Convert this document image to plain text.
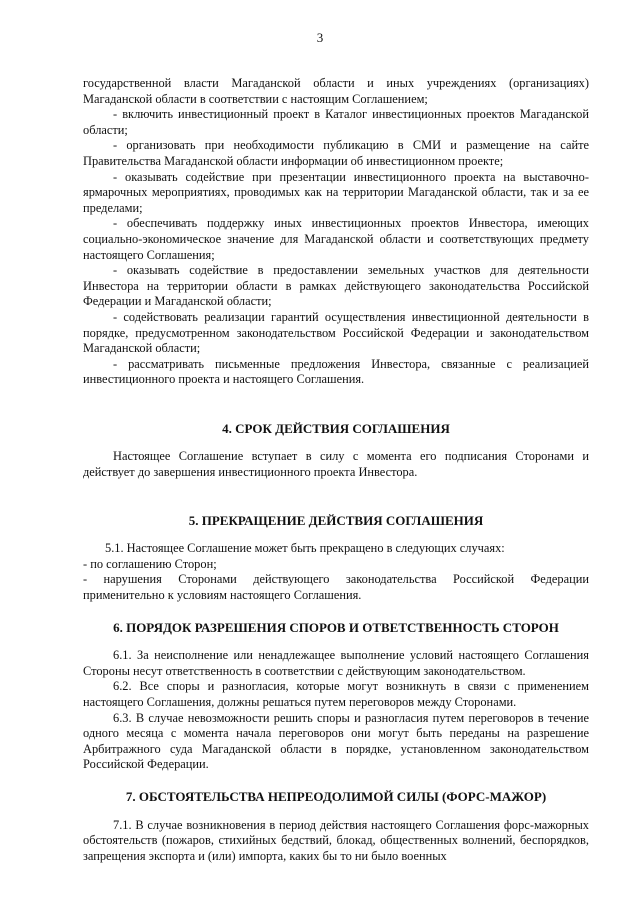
3

государственной власти Магаданской области и иных учреждениях (организациях) Магаданской области в соответствии с настоящим Соглашением;

- включить инвестиционный проект в Каталог инвестиционных проектов Магаданской области;

- организовать при необходимости публикацию в СМИ и размещение на сайте Правительства Магаданской области информации об инвестиционном проекте;

- оказывать содействие при презентации инвестиционного проекта на выставочно-ярмарочных мероприятиях, проводимых как на территории Магаданской области, так и за ее пределами;

- обеспечивать поддержку иных инвестиционных проектов Инвестора, имеющих социально-экономическое значение для Магаданской области и соответствующих предмету настоящего Соглашения;

- оказывать содействие в предоставлении земельных участков для деятельности Инвестора на территории области в рамках действующего законодательства Российской Федерации и Магаданской области;

- содействовать реализации гарантий осуществления инвестиционной деятельности в порядке, предусмотренном законодательством Российской Федерации и законодательством Магаданской области;

- рассматривать письменные предложения Инвестора, связанные с реализацией инвестиционного проекта и настоящего Соглашения.

4. СРОК ДЕЙСТВИЯ СОГЛАШЕНИЯ

Настоящее Соглашение вступает в силу с момента его подписания Сторонами и действует до завершения инвестиционного проекта Инвестора.

5. ПРЕКРАЩЕНИЕ ДЕЙСТВИЯ СОГЛАШЕНИЯ

5.1. Настоящее Соглашение может быть прекращено в следующих случаях:

- по соглашению Сторон;

- нарушения Сторонами действующего законодательства Российской Федерации применительно к условиям настоящего Соглашения.

6. ПОРЯДОК РАЗРЕШЕНИЯ СПОРОВ И ОТВЕТСТВЕННОСТЬ СТОРОН

6.1. За неисполнение или ненадлежащее выполнение условий настоящего Соглашения Стороны несут ответственность в соответствии с действующим законодательством.

6.2. Все споры и разногласия, которые могут возникнуть в связи с применением настоящего Соглашения, должны решаться путем переговоров между Сторонами.

6.3. В случае невозможности решить споры и разногласия путем переговоров в течение одного месяца с момента начала переговоров они могут быть переданы на разрешение Арбитражного суда Магаданской области в порядке, установленном законодательством Российской Федерации.

7. ОБСТОЯТЕЛЬСТВА НЕПРЕОДОЛИМОЙ СИЛЫ (ФОРС-МАЖОР)

7.1. В случае возникновения в период действия настоящего Соглашения форс-мажорных обстоятельств (пожаров, стихийных бедствий, блокад, общественных волнений, беспорядков, запрещения экспорта и (или) импорта, каких бы то ни было военных
